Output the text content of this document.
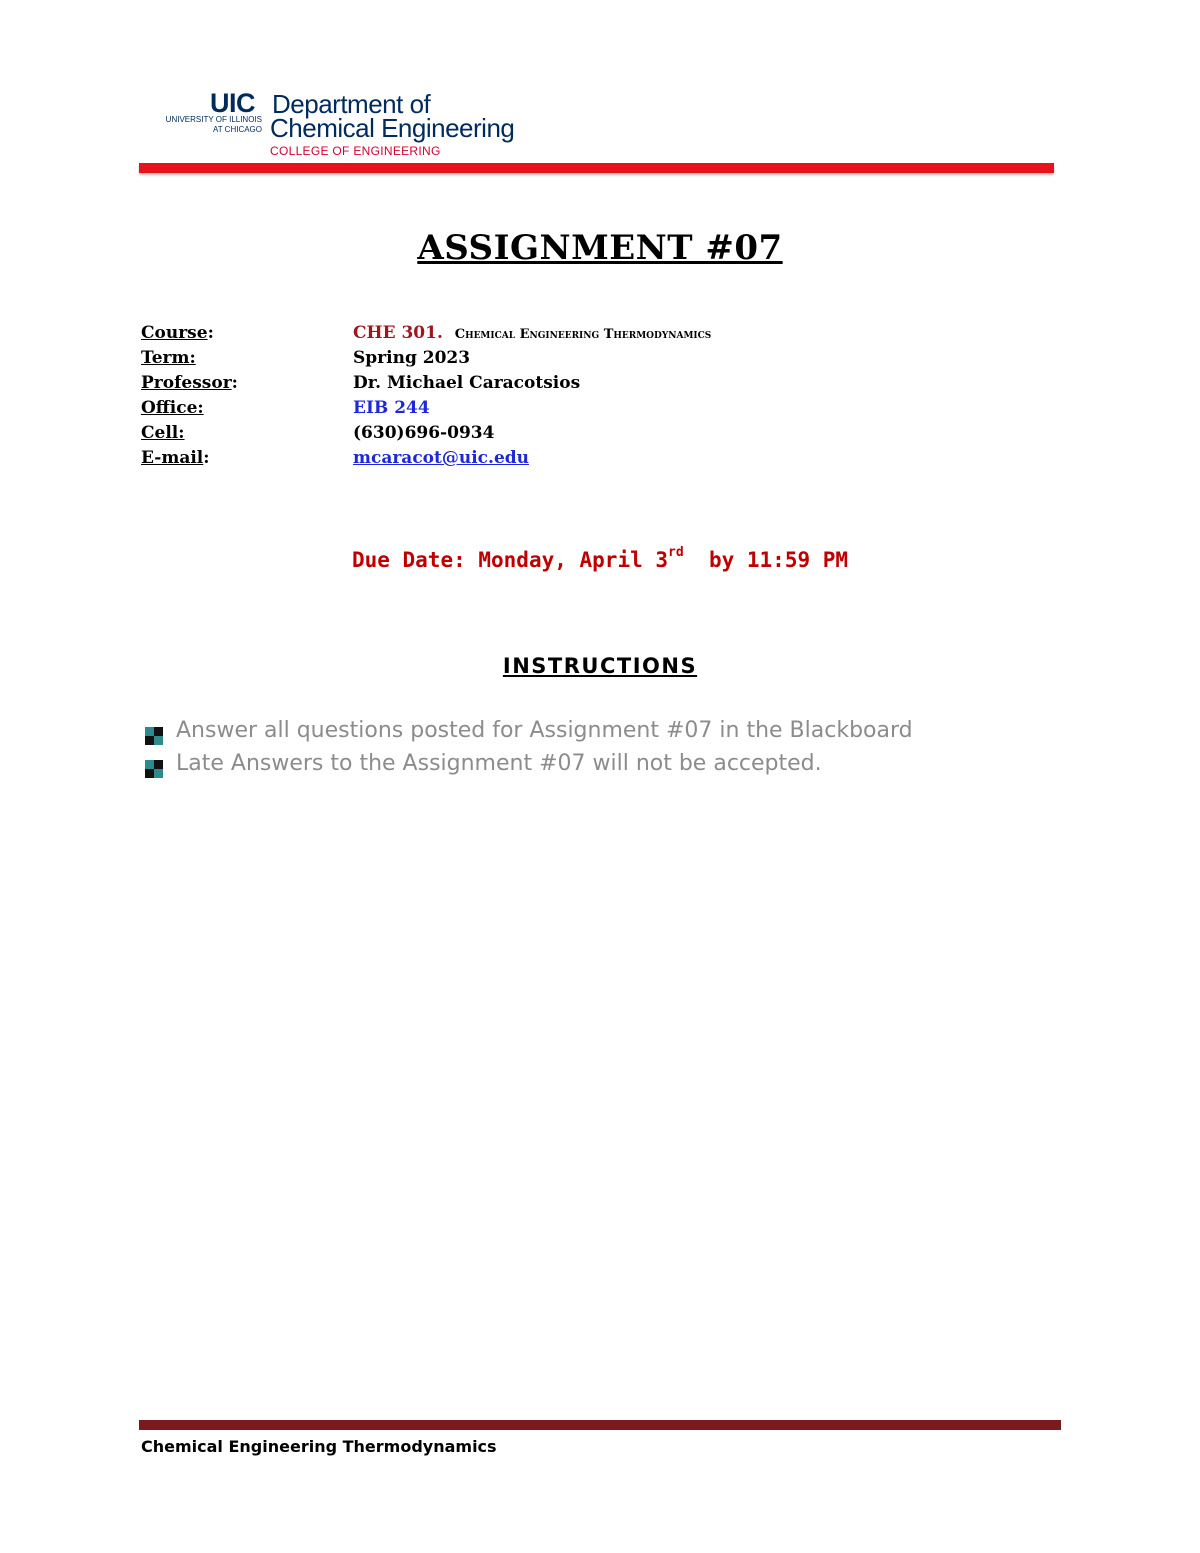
UIC
UNIVERSITY OF ILLINOIS
AT CHICAGO
Department of
Chemical Engineering
COLLEGE OF ENGINEERING
ASSIGNMENT #07
Course:	CHE 301. Chemical Engineering Thermodynamics
Term:	Spring 2023
Professor:	Dr. Michael Caracotsios
Office:	EIB 244
Cell:	(630)696-0934
E-mail:	mcaracot@uic.edu
Due Date: Monday, April 3rd by 11:59 PM
INSTRUCTIONS
Answer all questions posted for Assignment #07 in the Blackboard
Late Answers to the Assignment #07 will not be accepted.
Chemical Engineering Thermodynamics
